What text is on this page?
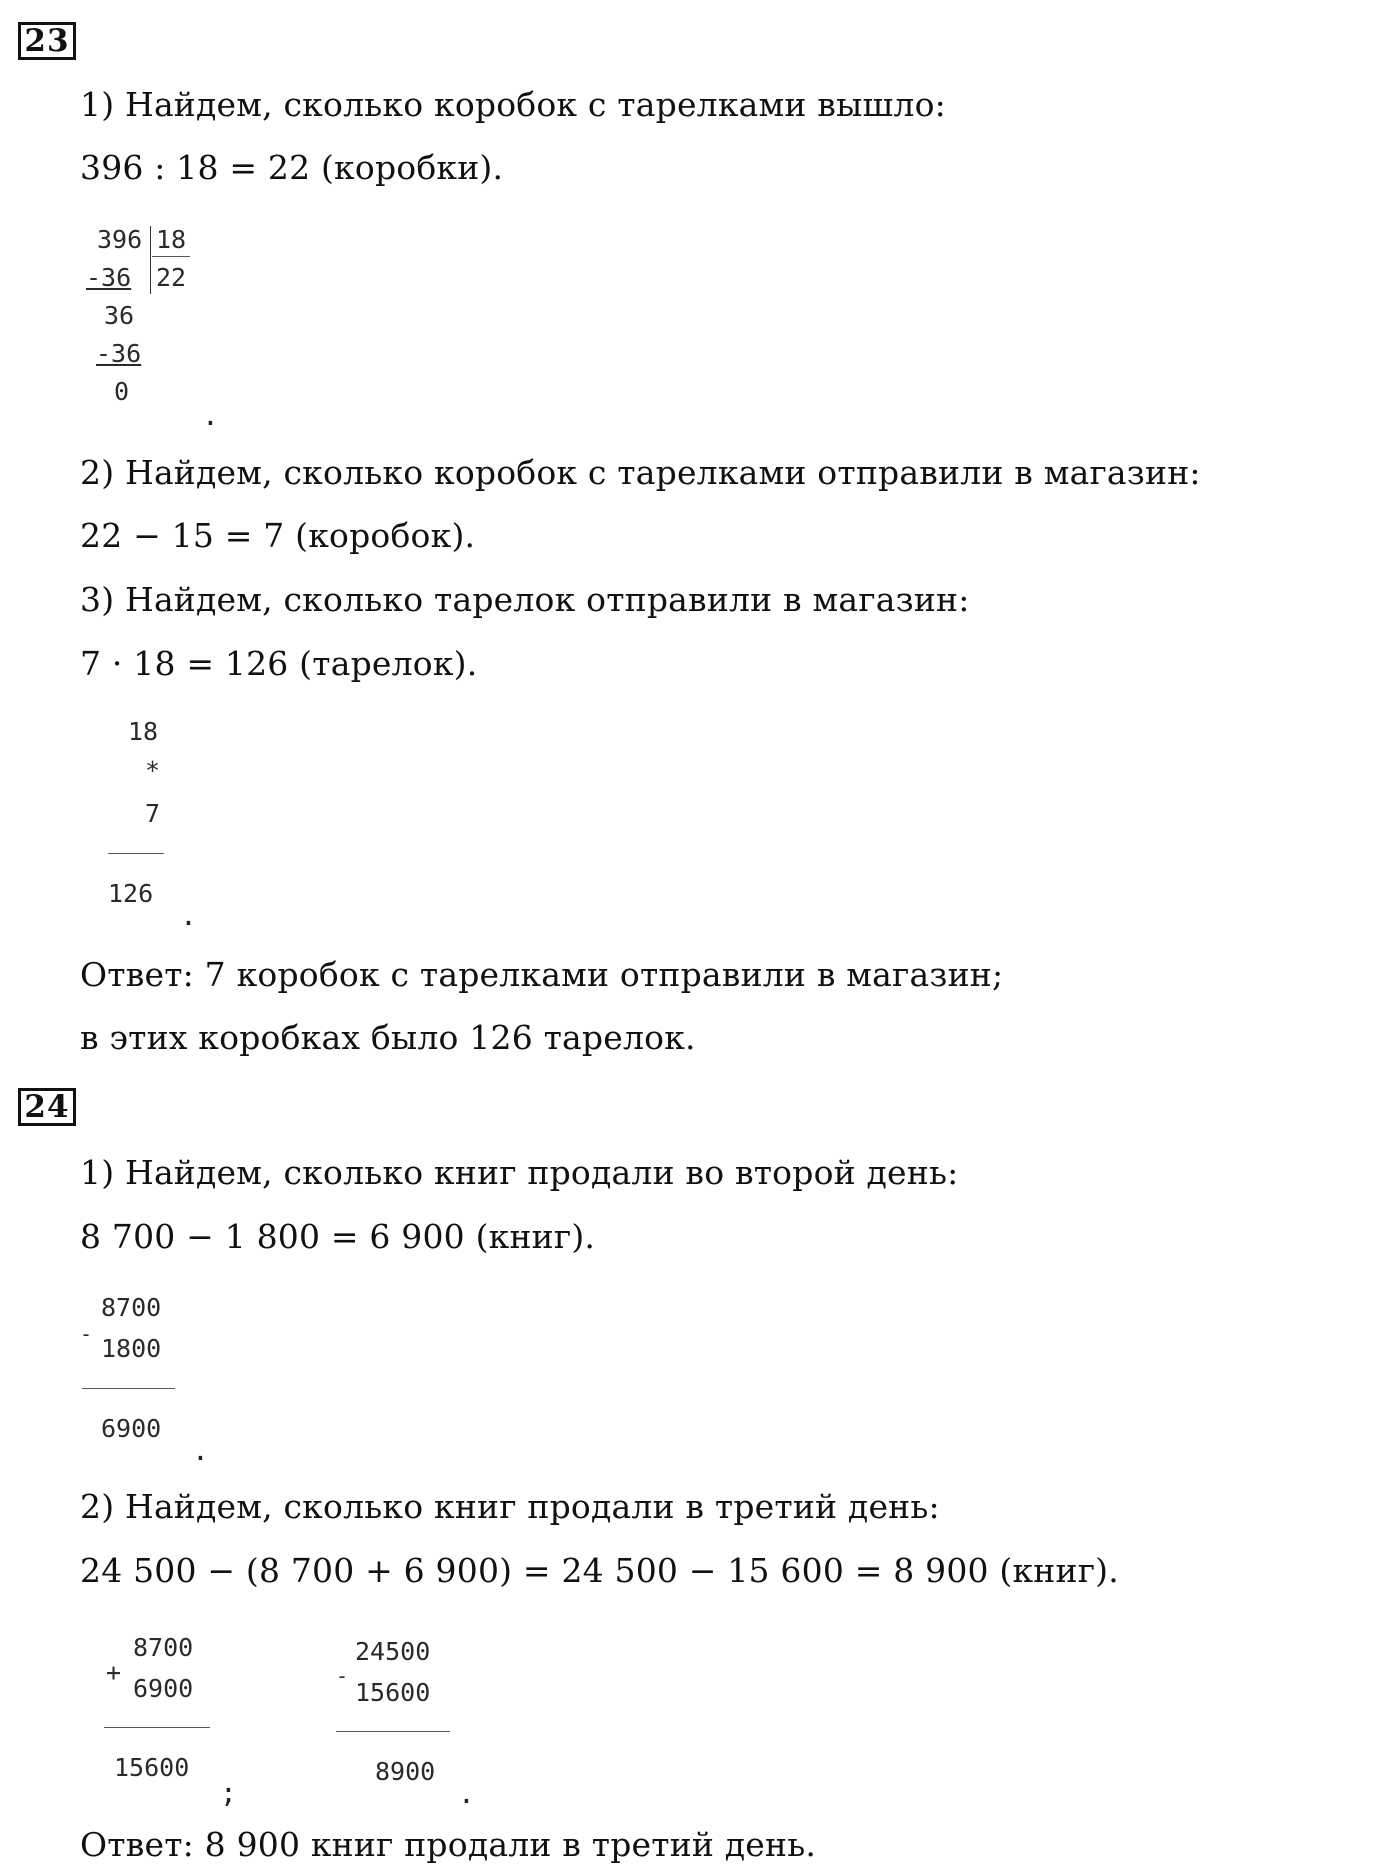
23
1) Найдем, сколько коробок с тарелками вышло:
396 : 18 = 22 (коробки).
396 18
-36 22
36
-36
0
.
2) Найдем, сколько коробок с тарелками отправили в магазин:
22 − 15 = 7 (коробок).
3) Найдем, сколько тарелок отправили в магазин:
7 · 18 = 126 (тарелок).
18
*
7
126
.
Ответ: 7 коробок с тарелками отправили в магазин;
в этих коробках было 126 тарелок.
24
1) Найдем, сколько книг продали во второй день:
8 700 − 1 800 = 6 900 (книг).
-
8700
1800
6900
.
2) Найдем, сколько книг продали в третий день:
24 500 − (8 700 + 6 900) = 24 500 − 15 600 = 8 900 (книг).
+
8700
6900
15600
;
-
24500
15600
8900
.
Ответ: 8 900 книг продали в третий день.
